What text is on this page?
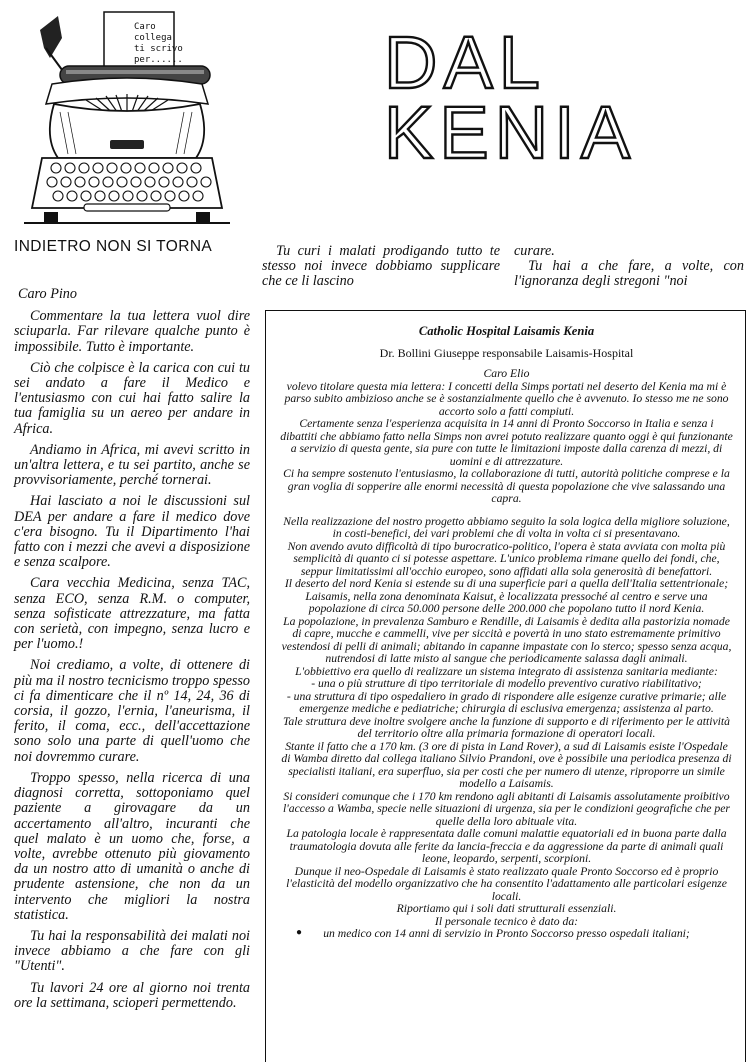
Caro
collega
ti scrivo
per......	DAL
KENIA
INDIETRO NON SI TORNA
Caro Pino

Commentare la tua lettera vuol dire sciuparla. Far rilevare qualche punto è impossibile. Tutto è importante.

Ciò che colpisce è la carica con cui tu sei andato a fare il Medico e l'entusiasmo con cui hai fatto salire la tua famiglia su un aereo per andare in Africa.

Andiamo in Africa, mi avevi scritto in un'altra lettera, e tu sei partito, anche se provvisoriamente, perché tornerai.

Hai lasciato a noi le discussioni sul DEA per andare a fare il medico dove c'era bisogno. Tu il Dipartimento l'hai fatto con i mezzi che avevi a disposizione e senza scalpore.

Cara vecchia Medicina, senza TAC, senza ECO, senza R.M. o computer, senza sofisticate attrezzature, ma fatta con serietà, con impegno, senza lucro e per l'uomo.!

Noi crediamo, a volte, di ottenere di più ma il nostro tecnicismo troppo spesso ci fa dimenticare che il nº 14, 24, 36 di corsia, il gozzo, l'ernia, l'aneurisma, il ferito, il coma, ecc., dell'accettazione sono solo una parte di quell'uomo che noi dovremmo curare.

Troppo spesso, nella ricerca di una diagnosi corretta, sottoponiamo quel paziente a girovagare da un accertamento all'altro, incuranti che quel malato è un uomo che, forse, a volte, avrebbe ottenuto più giovamento da un nostro atto di umanità o anche di prudente astensione, che non da un intervento che migliori la nostra statistica.

Tu hai la responsabilità dei malati noi invece abbiamo a che fare con gli "Utenti".

Tu lavori 24 ore al giorno noi trenta ore la settimana, scioperi permettendo.

Tu curi i malati prodigando tutto te stesso noi invece dobbiamo supplicare che ce li lascino

curare.

Tu hai a che fare, a volte, con l'ignoranza degli stregoni "noi

Catholic Hospital Laisamis Kenia
Dr. Bollini Giuseppe responsabile Laisamis-Hospital

Caro Elio

volevo titolare questa mia lettera: I concetti della Simps portati nel deserto del Kenia ma mi è parso subito ambizioso anche se è sostanzialmente quello che è avvenuto. Io stesso me ne sono accorto solo a fatti compiuti.

Certamente senza l'esperienza acquisita in 14 anni di Pronto Soccorso in Italia e senza i dibattiti che abbiamo fatto nella Simps non avrei potuto realizzare quanto oggi è qui funzionante a servizio di questa gente, sia pure con tutte le limitazioni imposte dalla carenza di mezzi, di uomini e di attrezzature.

Ci ha sempre sostenuto l'entusiasmo, la collaborazione di tutti, autorità politiche comprese e la gran voglia di sopperire alle enormi necessità di questa popolazione che vive salassando una capra.

Nella realizzazione del nostro progetto abbiamo seguito la sola logica della migliore soluzione, in costi-benefici, dei vari problemi che di volta in volta ci si presentavano.

Non avendo avuto difficoltà di tipo burocratico-politico, l'opera è stata avviata con molta più semplicità di quanto ci si potesse aspettare. L'unico problema rimane quello dei fondi, che, seppur limitatissimi all'occhio europeo, sono affidati alla sola generosità di benefattori.

Il deserto del nord Kenia si estende su di una superficie pari a quella dell'Italia settentrionale; Laisamis, nella zona denominata Kaisut, è localizzata pressoché al centro e serve una popolazione di circa 50.000 persone delle 200.000 che popolano tutto il nord Kenia.

La popolazione, in prevalenza Samburo e Rendille, di Laisamis è dedita alla pastorizia nomade di capre, mucche e cammelli, vive per siccità e povertà in uno stato estremamente primitivo vestendosi di pelli di animali; abitando in capanne impastate con lo sterco; spesso senza acqua, nutrendosi di latte misto al sangue che periodicamente salassa dagli animali.

L'obbiettivo era quello di realizzare un sistema integrato di assistenza sanitaria mediante:

- una o più strutture di tipo territoriale di modello preventivo curativo riabilitativo;

- una struttura di tipo ospedaliero in grado di rispondere alle esigenze curative primarie; alle emergenze mediche e pediatriche; chirurgia di esclusiva emergenza; assistenza al parto.

Tale struttura deve inoltre svolgere anche la funzione di supporto e di riferimento per le attività del territorio oltre alla primaria formazione di operatori locali.

Stante il fatto che a 170 km. (3 ore di pista in Land Rover), a sud di Laisamis esiste l'Ospedale di Wamba diretto dal collega italiano Silvio Prandoni, ove è possibile una periodica presenza di specialisti italiani, era superfluo, sia per costi che per numero di utenze, riproporre un simile modello a Laisamis.

Si consideri comunque che i 170 km rendono agli abitanti di Laisamis assolutamente proibitivo l'accesso a Wamba, specie nelle situazioni di urgenza, sia per le condizioni geografiche che per quelle della loro abituale vita.

La patologia locale è rappresentata dalle comuni malattie equatoriali ed in buona parte dalla traumatologia dovuta alle ferite da lancia-freccia e da aggressione da parte di animali quali leone, leopardo, serpenti, scorpioni.

Dunque il neo-Ospedale di Laisamis è stato realizzato quale Pronto Soccorso ed è proprio l'elasticità del modello organizzativo che ha consentito l'adattamento alle particolari esigenze locali.

Riportiamo qui i soli dati strutturali essenziali.

Il personale tecnico è dato da:

● un medico con 14 anni di servizio in Pronto Soccorso presso ospedali italiani;
